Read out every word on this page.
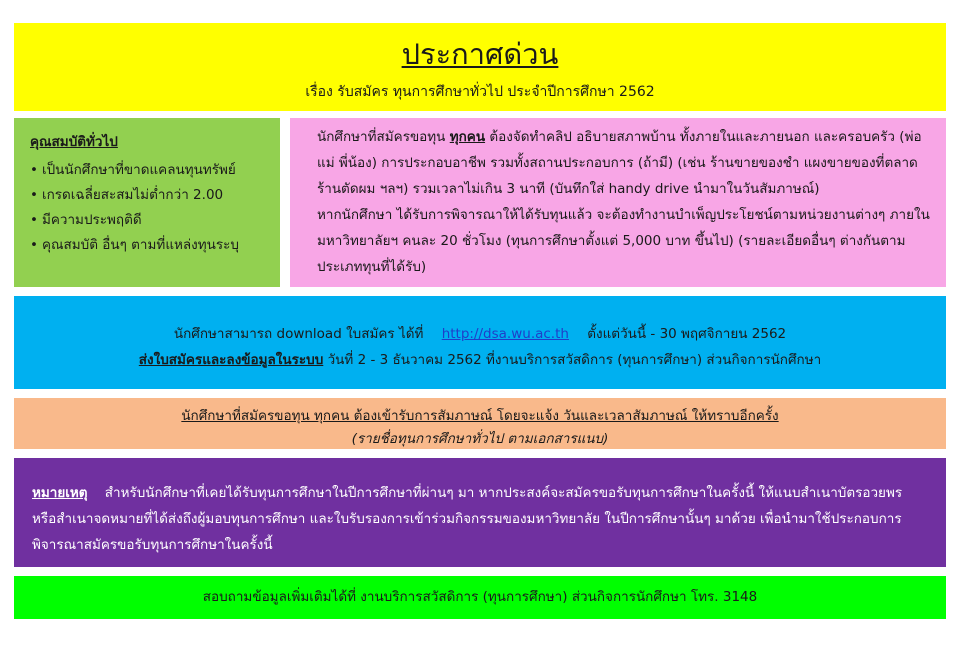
ประกาศด่วน
เรื่อง รับสมัคร ทุนการศึกษาทั่วไป ประจำปีการศึกษา 2562
คุณสมบัติทั่วไป
• เป็นนักศึกษาที่ขาดแคลนทุนทรัพย์
• เกรดเฉลี่ยสะสมไม่ต่ำกว่า 2.00
• มีความประพฤติดี
• คุณสมบัติ อื่นๆ ตามที่แหล่งทุนระบุ

นักศึกษาที่สมัครขอทุน ทุกคน ต้องจัดทำคลิป อธิบายสภาพบ้าน ทั้งภายในและภายนอก และครอบครัว (พ่อแม่ พี่น้อง) การประกอบอาชีพ รวมทั้งสถานประกอบการ (ถ้ามี) (เช่น ร้านขายของชำ แผงขายของที่ตลาด ร้านตัดผม ฯลฯ) รวมเวลาไม่เกิน 3 นาที (บันทึกใส่ handy drive นำมาในวันสัมภาษณ์)

หากนักศึกษา ได้รับการพิจารณาให้ได้รับทุนแล้ว จะต้องทำงานบำเพ็ญประโยชน์ตามหน่วยงานต่างๆ ภายในมหาวิทยาลัยฯ คนละ 20 ชั่วโมง (ทุนการศึกษาตั้งแต่ 5,000 บาท ขึ้นไป) (รายละเอียดอื่นๆ ต่างกันตามประเภททุนที่ได้รับ)

นักศึกษาสามารถ download ใบสมัคร ได้ที่ http://dsa.wu.ac.th ตั้งแต่วันนี้ - 30 พฤศจิกายน 2562
ส่งใบสมัครและลงข้อมูลในระบบ วันที่ 2 - 3 ธันวาคม 2562 ที่งานบริการสวัสดิการ (ทุนการศึกษา) ส่วนกิจการนักศึกษา
นักศึกษาที่สมัครขอทุน ทุกคน ต้องเข้ารับการสัมภาษณ์ โดยจะแจ้ง วันและเวลาสัมภาษณ์ ให้ทราบอีกครั้ง
(รายชื่อทุนการศึกษาทั่วไป ตามเอกสารแนบ)

หมายเหตุ สำหรับนักศึกษาที่เคยได้รับทุนการศึกษาในปีการศึกษาที่ผ่านๆ มา หากประสงค์จะสมัครขอรับทุนการศึกษาในครั้งนี้ ให้แนบสำเนาบัตรอวยพร หรือสำเนาจดหมายที่ได้ส่งถึงผู้มอบทุนการศึกษา และใบรับรองการเข้าร่วมกิจกรรมของมหาวิทยาลัย ในปีการศึกษานั้นๆ มาด้วย เพื่อนำมาใช้ประกอบการพิจารณาสมัครขอรับทุนการศึกษาในครั้งนี้

สอบถามข้อมูลเพิ่มเติมได้ที่ งานบริการสวัสดิการ (ทุนการศึกษา) ส่วนกิจการนักศึกษา โทร. 3148
